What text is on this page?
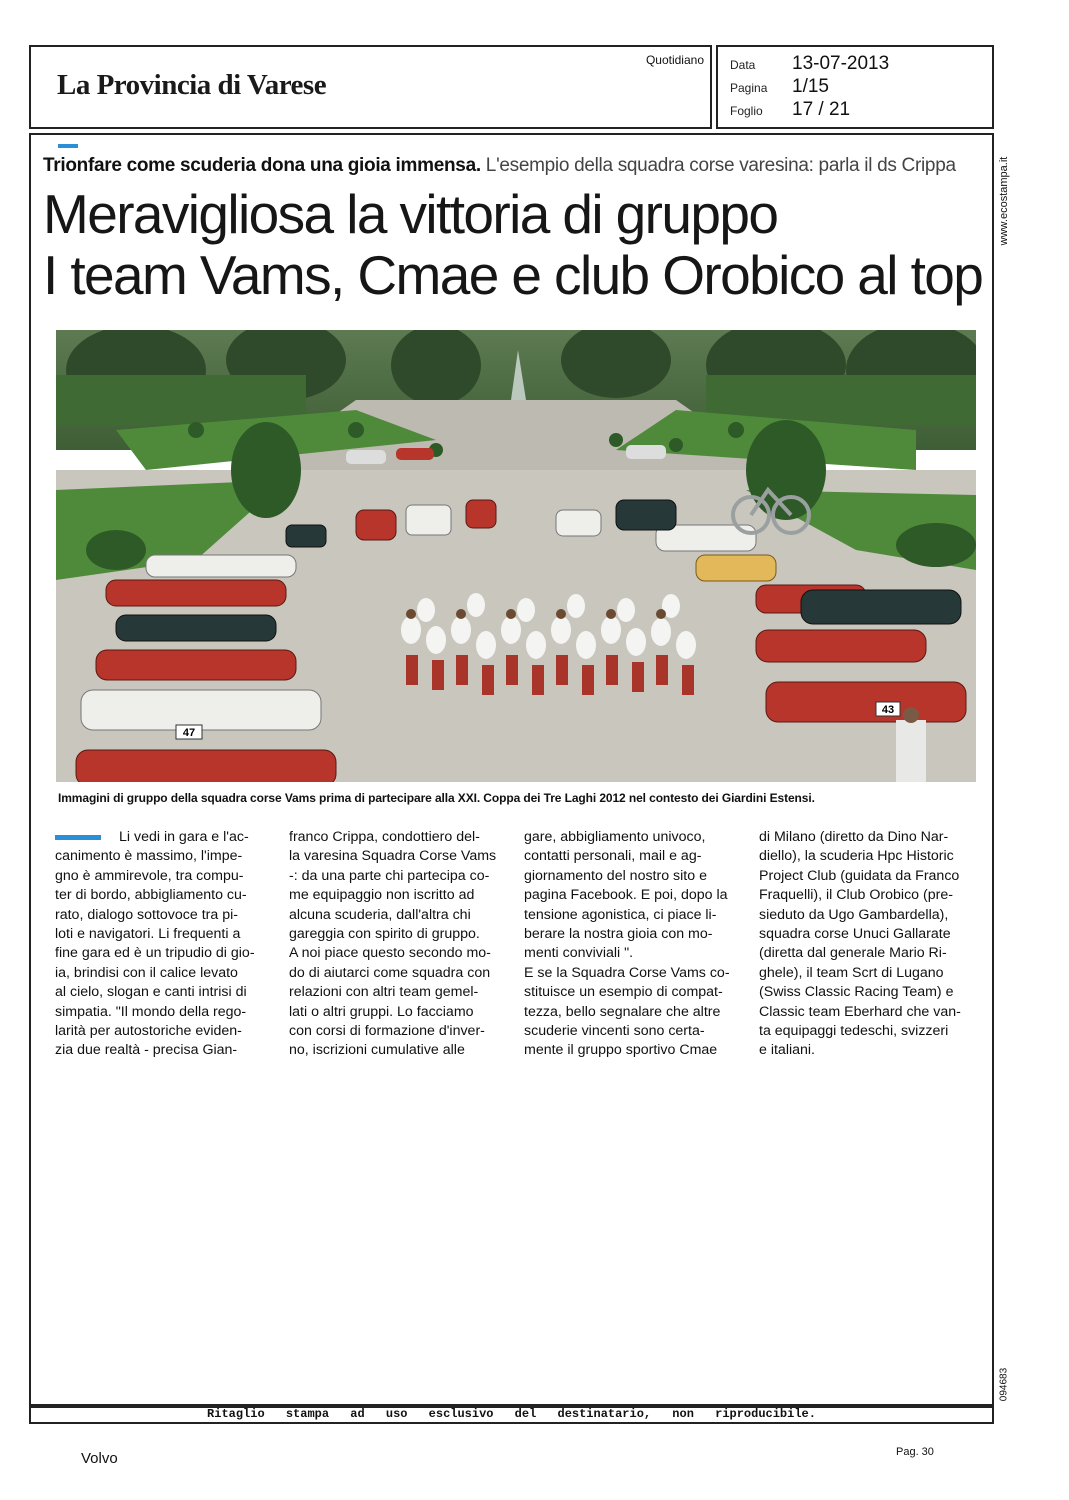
La Provincia di Varese
Quotidiano Data	13-07-2013
Pagina	1/15
Foglio	17 / 21
Trionfare come scuderia dona una gioia immensa. L'esempio della squadra corse varesina: parla il ds Crippa
Meravigliosa la vittoria di gruppo
I team Vams, Cmae e club Orobico al top
47
43
Immagini di gruppo della squadra corse Vams prima di partecipare alla XXI. Coppa dei Tre Laghi 2012 nel contesto dei Giardini Estensi.
Li vedi in gara e l'ac-
canimento è massimo, l'impe-
gno è ammirevole, tra compu-
ter di bordo, abbigliamento cu-
rato, dialogo sottovoce tra pi-
loti e navigatori. Li frequenti a
fine gara ed è un tripudio di gio-
ia, brindisi con il calice levato
al cielo, slogan e canti intrisi di
simpatia. "Il mondo della rego-
larità per autostoriche eviden-
zia due realtà - precisa Gian-
franco Crippa, condottiero del-
la varesina Squadra Corse Vams
-: da una parte chi partecipa co-
me equipaggio non iscritto ad
alcuna scuderia, dall'altra chi
gareggia con spirito di gruppo.
A noi piace questo secondo mo-
do di aiutarci come squadra con
relazioni con altri team gemel-
lati o altri gruppi. Lo facciamo
con corsi di formazione d'inver-
no, iscrizioni cumulative alle
gare, abbigliamento univoco,
contatti personali, mail e ag-
giornamento del nostro sito e
pagina Facebook. E poi, dopo la
tensione agonistica, ci piace li-
berare la nostra gioia con mo-
menti conviviali ".
E se la Squadra Corse Vams co-
stituisce un esempio di compat-
tezza, bello segnalare che altre
scuderie vincenti sono certa-
mente il gruppo sportivo Cmae
di Milano (diretto da Dino Nar-
diello), la scuderia Hpc Historic
Project Club (guidata da Franco
Fraquelli), il Club Orobico (pre-
sieduto da Ugo Gambardella),
squadra corse Unuci Gallarate
(diretta dal generale Mario Ri-
ghele), il team Scrt di Lugano
(Swiss Classic Racing Team) e
Classic team Eberhard che van-
ta equipaggi tedeschi, svizzeri
e italiani.
Ritaglio stampa ad uso esclusivo del destinatario, non riproducibile.
www.ecostampa.it
094683
Volvo	Pag. 30
